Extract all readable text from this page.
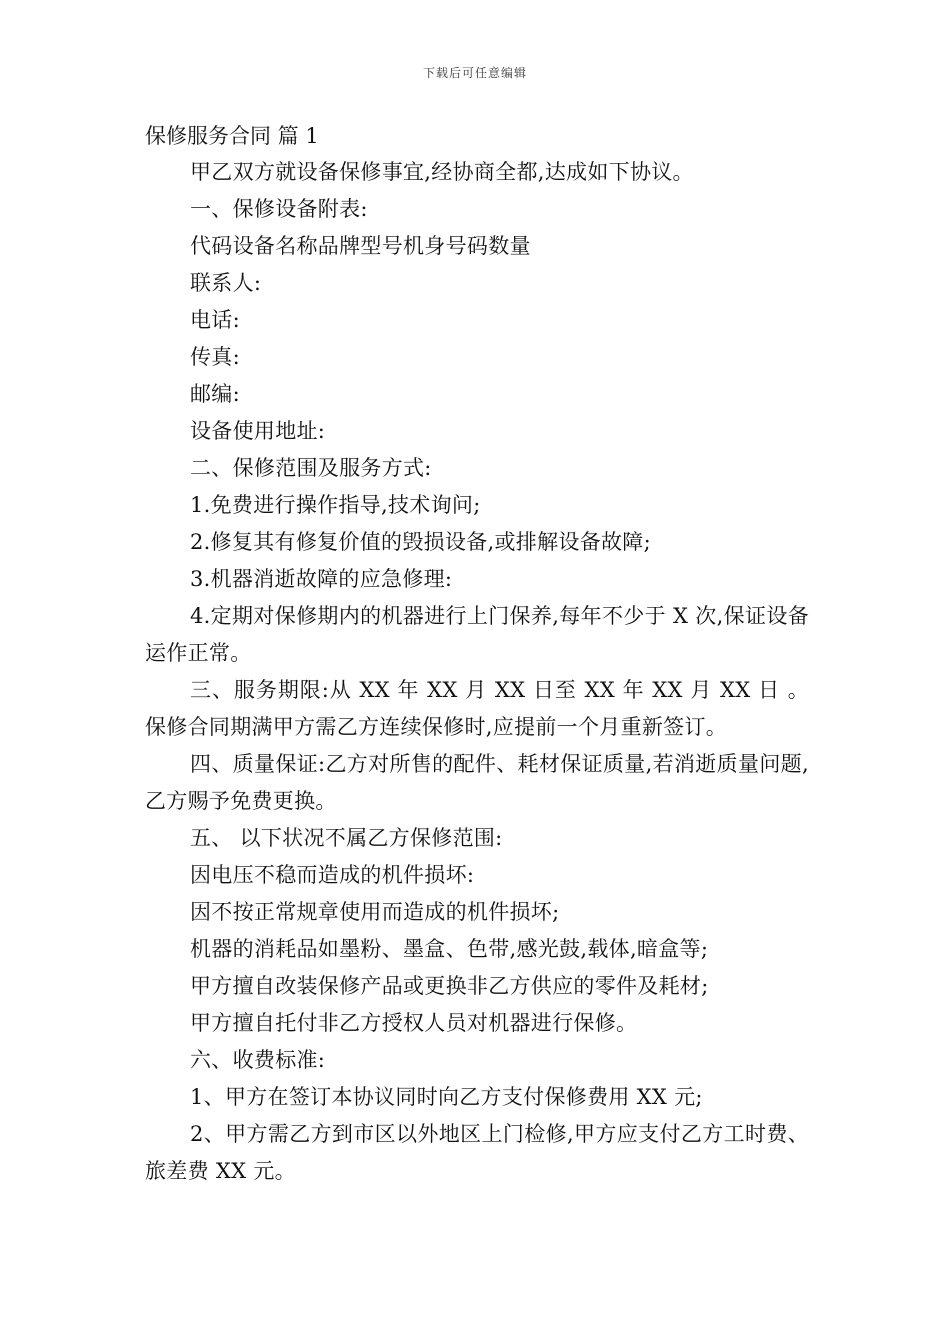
下载后可任意编辑

保修服务合同 篇 1

甲乙双方就设备保修事宜,经协商全都,达成如下协议。

一、保修设备附表:

代码设备名称品牌型号机身号码数量

联系人:

电话:

传真:

邮编:

设备使用地址:

二、保修范围及服务方式:

1.免费进行操作指导,技术询问;

2.修复其有修复价值的毁损设备,或排解设备故障;

3.机器消逝故障的应急修理:

4.定期对保修期内的机器进行上门保养,每年不少于 X 次,保证设备运作正常。

三、服务期限:从 XX 年 XX 月 XX 日至 XX 年 XX 月 XX 日 。保修合同期满甲方需乙方连续保修时,应提前一个月重新签订。

四、质量保证:乙方对所售的配件、耗材保证质量,若消逝质量问题,乙方赐予免费更换。

五、 以下状况不属乙方保修范围:

因电压不稳而造成的机件损坏:

因不按正常规章使用而造成的机件损坏;

机器的消耗品如墨粉、墨盒、色带,感光鼓,载体,暗盒等;

甲方擅自改装保修产品或更换非乙方供应的零件及耗材;

甲方擅自托付非乙方授权人员对机器进行保修。

六、收费标准:

1、甲方在签订本协议同时向乙方支付保修费用 XX 元;

2、甲方需乙方到市区以外地区上门检修,甲方应支付乙方工时费、旅差费 XX 元。
